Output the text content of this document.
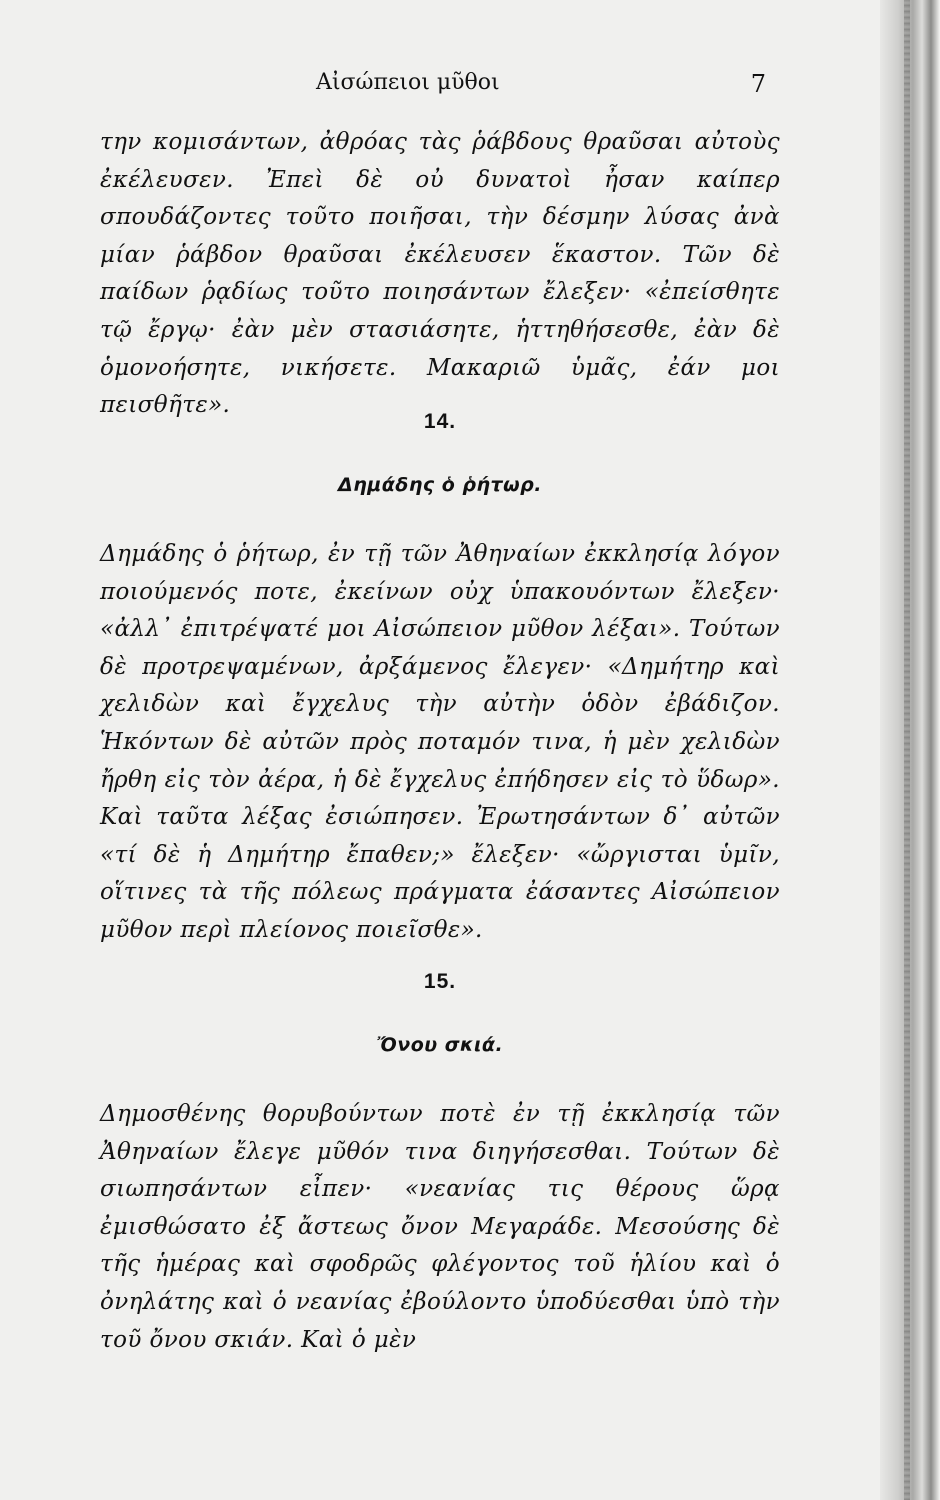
Αἰσώπειοι μῦθοι	7

την κομισάντων, ἀθρόας τὰς ῥάβδους θραῦσαι αὐτοὺς ἐκέλευσεν. Ἐπεὶ δὲ οὐ δυνατοὶ ἦσαν καίπερ σπουδάζοντες τοῦτο ποιῆσαι, τὴν δέσμην λύσας ἀνὰ μίαν ῥάβδον θραῦσαι ἐκέλευσεν ἕκαστον. Τῶν δὲ παίδων ῥᾳδίως τοῦτο ποιησάντων ἔλεξεν· «ἐπείσθητε τῷ ἔργῳ· ἐὰν μὲν στασιάσητε, ἡττηθήσεσθε, ἐὰν δὲ ὁμονοήσητε, νικήσετε. Μακαριῶ ὑμᾶς, ἐάν μοι πεισθῆτε».

14.
Δημάδης ὁ ῥήτωρ.

Δημάδης ὁ ῥήτωρ, ἐν τῇ τῶν Ἀθηναίων ἐκκλησίᾳ λόγον ποιούμενός ποτε, ἐκείνων οὐχ ὑπακουόντων ἔλεξεν· «ἀλλ᾿ ἐπιτρέψατέ μοι Αἰσώπειον μῦθον λέξαι». Τούτων δὲ προτρεψαμένων, ἀρξάμενος ἔλεγεν· «Δημήτηρ καὶ χελιδὼν καὶ ἔγχελυς τὴν αὐτὴν ὁδὸν ἐβάδιζον. Ἡκόντων δὲ αὐτῶν πρὸς ποταμόν τινα, ἡ μὲν χελιδὼν ἤρθη εἰς τὸν ἀέρα, ἡ δὲ ἔγχελυς ἐπήδησεν εἰς τὸ ὕδωρ». Καὶ ταῦτα λέξας ἐσιώπησεν. Ἐρωτησάντων δ᾿ αὐτῶν «τί δὲ ἡ Δημήτηρ ἔπαθεν;» ἔλεξεν· «ὤργισται ὑμῖν, οἵτινες τὰ τῆς πόλεως πράγματα ἐάσαντες Αἰσώπειον μῦθον περὶ πλείονος ποιεῖσθε».

15.
Ὄνου σκιά.

Δημοσθένης θορυβούντων ποτὲ ἐν τῇ ἐκκλησίᾳ τῶν Ἀθηναίων ἔλεγε μῦθόν τινα διηγήσεσθαι. Τούτων δὲ σιωπησάντων εἶπεν· «νεανίας τις θέρους ὥρᾳ ἐμισθώσατο ἐξ ἄστεως ὄνον Μεγαράδε. Μεσούσης δὲ τῆς ἡμέρας καὶ σφοδρῶς φλέγοντος τοῦ ἡλίου καὶ ὁ ὀνηλάτης καὶ ὁ νεανίας ἐβούλοντο ὑποδύεσθαι ὑπὸ τὴν τοῦ ὄνου σκιάν. Καὶ ὁ μὲν
